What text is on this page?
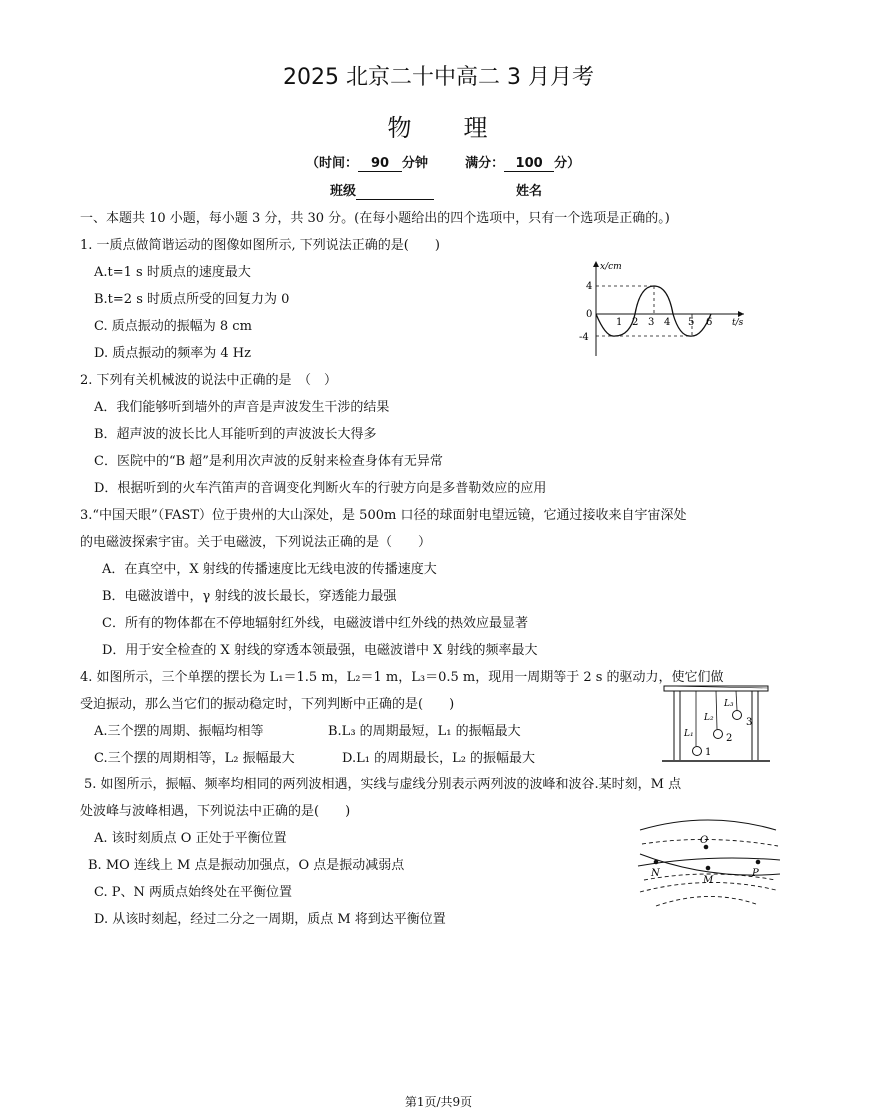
2025 北京二十中高二 3 月月考
物 理
（时间： 90 分钟	满分： 100 分）
班级	姓名
一、本题共 10 小题，每小题 3 分，共 30 分。(在每小题给出的四个选项中，只有一个选项是正确的。)
1. 一质点做简谐运动的图像如图所示, 下列说法正确的是(　　)
A.t=1 s 时质点的速度最大
B.t=2 s 时质点所受的回复力为 0
C. 质点振动的振幅为 8 cm
D. 质点振动的频率为 4 Hz
x/cm
t/s
4
0
-4
1 2 3 4 5 6
2. 下列有关机械波的说法中正确的是　（　）
A．我们能够听到墙外的声音是声波发生干涉的结果
B．超声波的波长比人耳能听到的声波波长大得多
C．医院中的“B 超”是利用次声波的反射来检查身体有无异常
D．根据听到的火车汽笛声的音调变化判断火车的行驶方向是多普勒效应的应用
3.“中国天眼”（FAST）位于贵州的大山深处，是 500m 口径的球面射电望远镜，它通过接收来自宇宙深处
的电磁波探索宇宙。关于电磁波，下列说法正确的是（　　）
A．在真空中，X 射线的传播速度比无线电波的传播速度大
B．电磁波谱中，γ 射线的波长最长，穿透能力最强
C．所有的物体都在不停地辐射红外线，电磁波谱中红外线的热效应最显著
D．用于安全检查的 X 射线的穿透本领最强，电磁波谱中 X 射线的频率最大
4. 如图所示，三个单摆的摆长为 L₁＝1.5 m，L₂＝1 m，L₃＝0.5 m，现用一周期等于 2 s 的驱动力，使它们做
受迫振动，那么当它们的振动稳定时，下列判断中正确的是(　　)
A.三个摆的周期、振幅均相等	B.L₃ 的周期最短，L₁ 的振幅最大
C.三个摆的周期相等，L₂ 振幅最大	D.L₁ 的周期最长，L₂ 的振幅最大
L₁
L₂
L₃
1
2
3
5. 如图所示，振幅、频率均相同的两列波相遇，实线与虚线分别表示两列波的波峰和波谷.某时刻，M 点
处波峰与波峰相遇，下列说法中正确的是(　　)
A. 该时刻质点 O 正处于平衡位置
B. MO 连线上 M 点是振动加强点，O 点是振动减弱点
C. P、N 两质点始终处在平衡位置
D. 从该时刻起，经过二分之一周期，质点 M 将到达平衡位置
O
N
M
P
第1页/共9页
